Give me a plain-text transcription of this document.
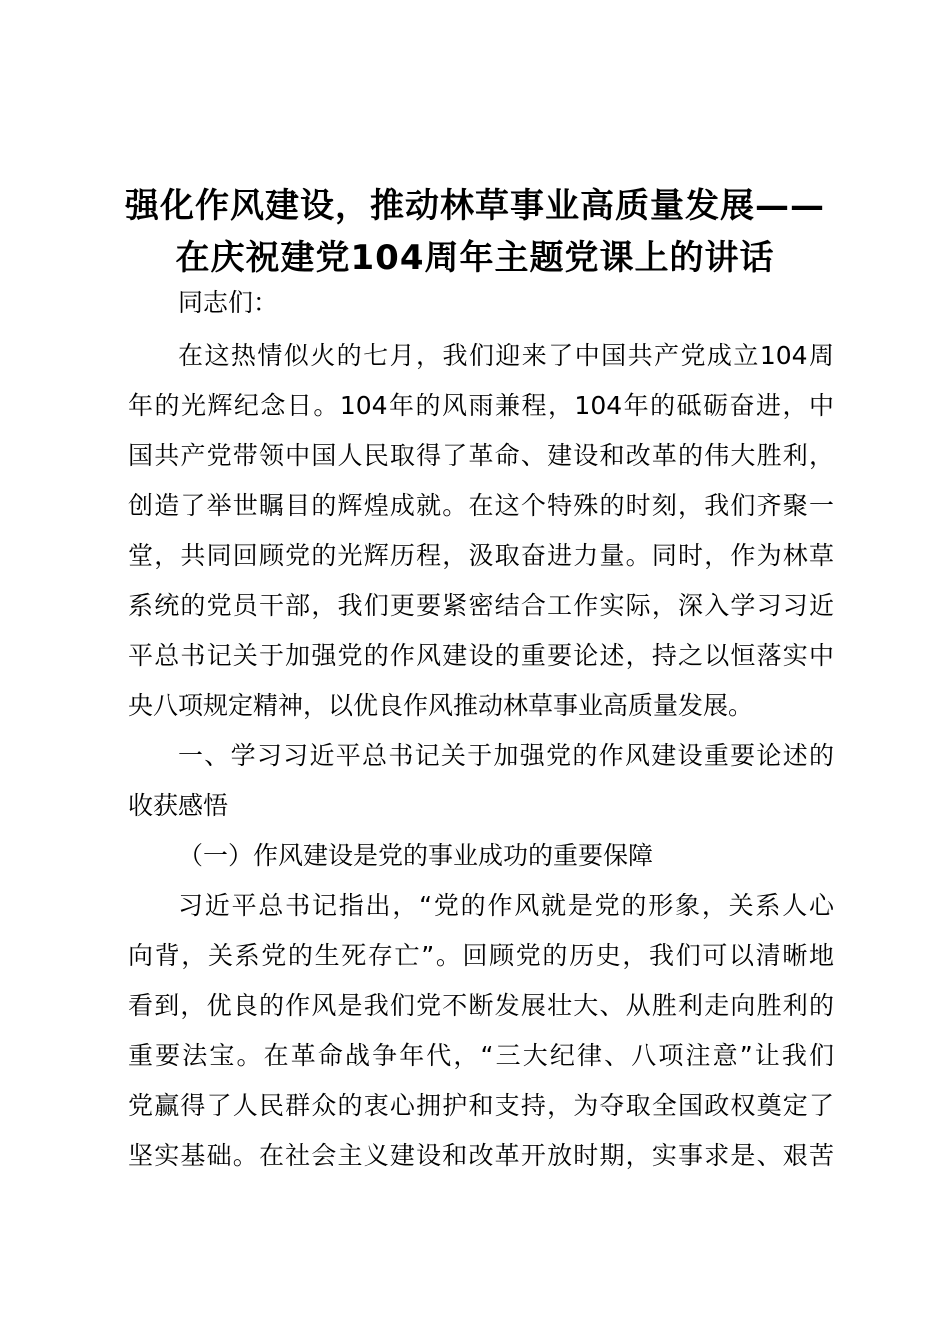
强化作风建设，推动林草事业高质量发展——
在庆祝建党104周年主题党课上的讲话
同志们：
在这热情似火的七月，我们迎来了中国共产党成立104周
年的光辉纪念日。104年的风雨兼程，104年的砥砺奋进，中
国共产党带领中国人民取得了革命、建设和改革的伟大胜利，
创造了举世瞩目的辉煌成就。在这个特殊的时刻，我们齐聚一
堂，共同回顾党的光辉历程，汲取奋进力量。同时，作为林草
系统的党员干部，我们更要紧密结合工作实际，深入学习习近
平总书记关于加强党的作风建设的重要论述，持之以恒落实中
央八项规定精神，以优良作风推动林草事业高质量发展。
一、学习习近平总书记关于加强党的作风建设重要论述的
收获感悟
（一）作风建设是党的事业成功的重要保障
习近平总书记指出，“党的作风就是党的形象，关系人心
向背，关系党的生死存亡”。回顾党的历史，我们可以清晰地
看到，优良的作风是我们党不断发展壮大、从胜利走向胜利的
重要法宝。在革命战争年代，“三大纪律、八项注意”让我们
党赢得了人民群众的衷心拥护和支持，为夺取全国政权奠定了
坚实基础。在社会主义建设和改革开放时期，实事求是、艰苦
